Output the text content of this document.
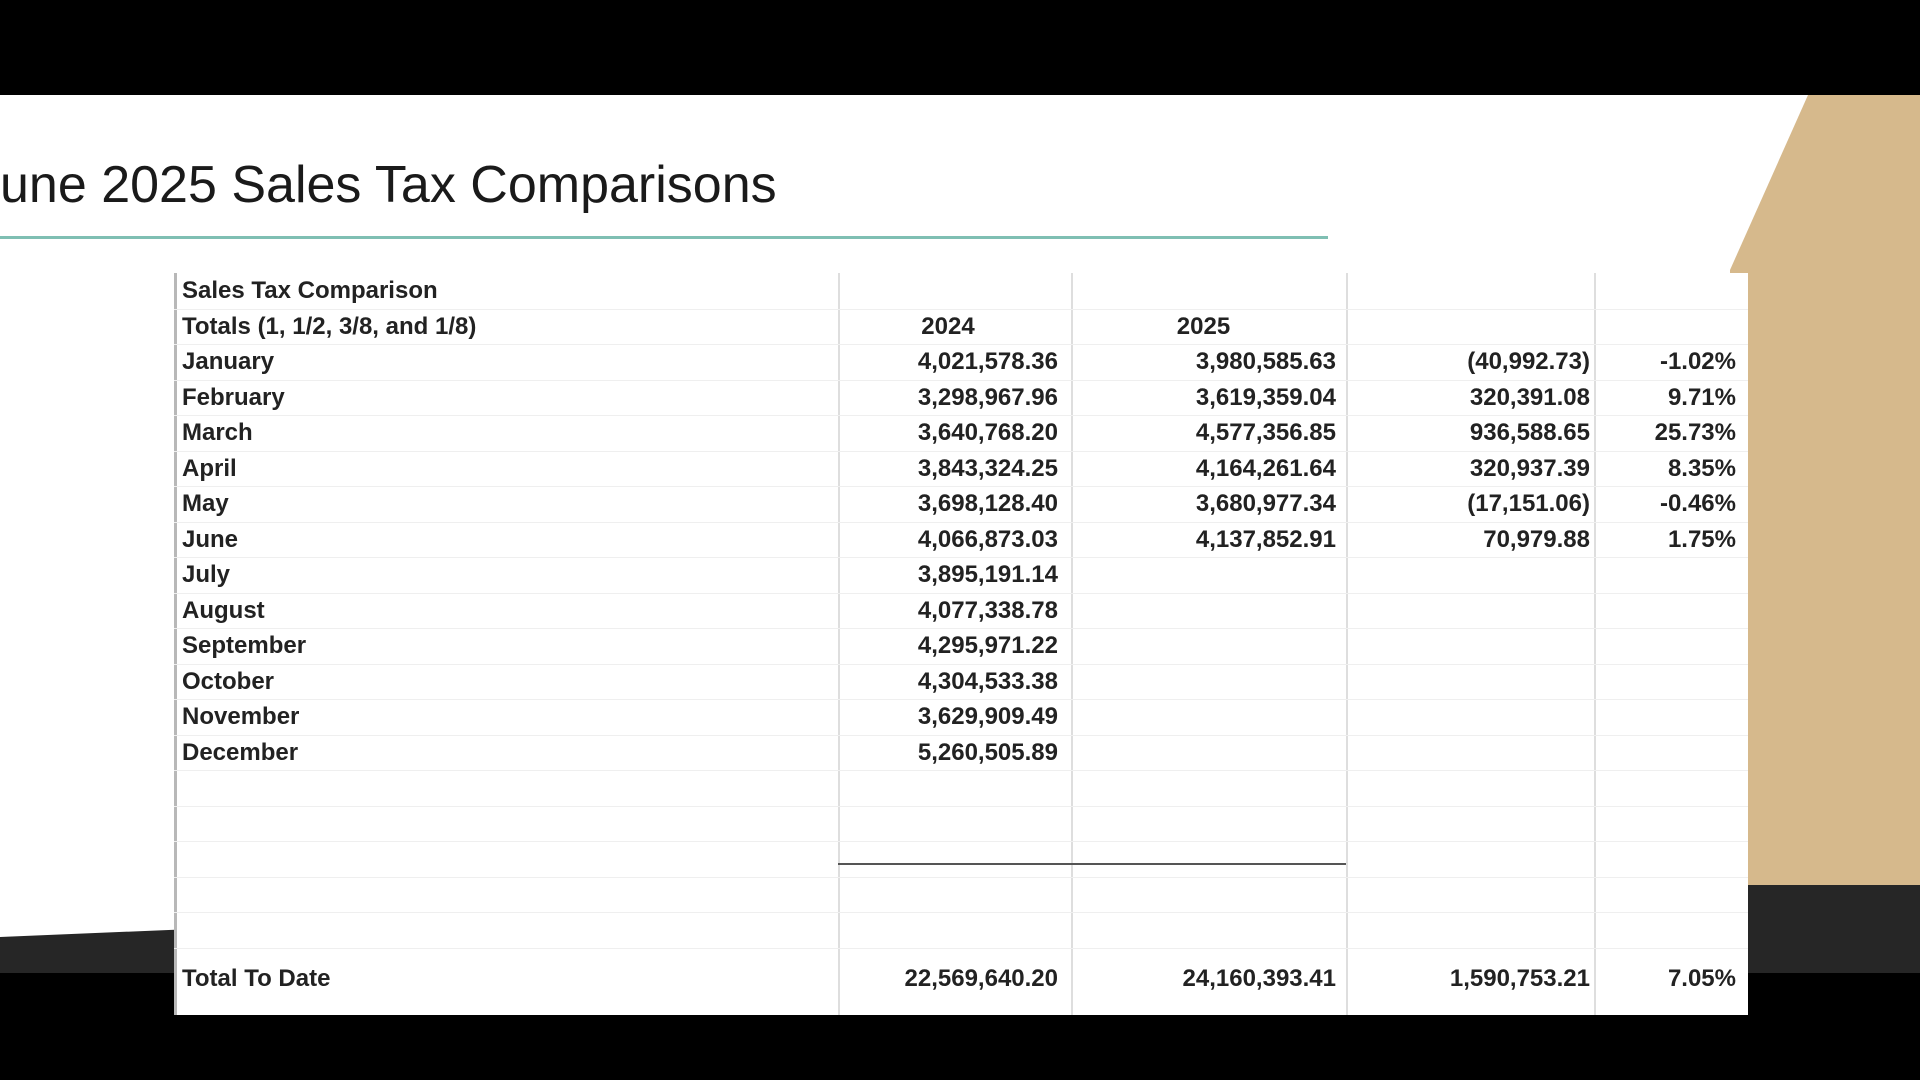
une 2025 Sales Tax Comparisons
Sales Tax Comparison
Totals (1, 1/2, 3/8, and 1/8)	2024	2025
January	4,021,578.36	3,980,585.63	(40,992.73)	-1.02%
February	3,298,967.96	3,619,359.04	320,391.08	9.71%
March	3,640,768.20	4,577,356.85	936,588.65	25.73%
April	3,843,324.25	4,164,261.64	320,937.39	8.35%
May	3,698,128.40	3,680,977.34	(17,151.06)	-0.46%
June	4,066,873.03	4,137,852.91	70,979.88	1.75%
July	3,895,191.14
August	4,077,338.78
September	4,295,971.22
October	4,304,533.38
November	3,629,909.49
December	5,260,505.89
Total To Date	22,569,640.20	24,160,393.41	1,590,753.21	7.05%
